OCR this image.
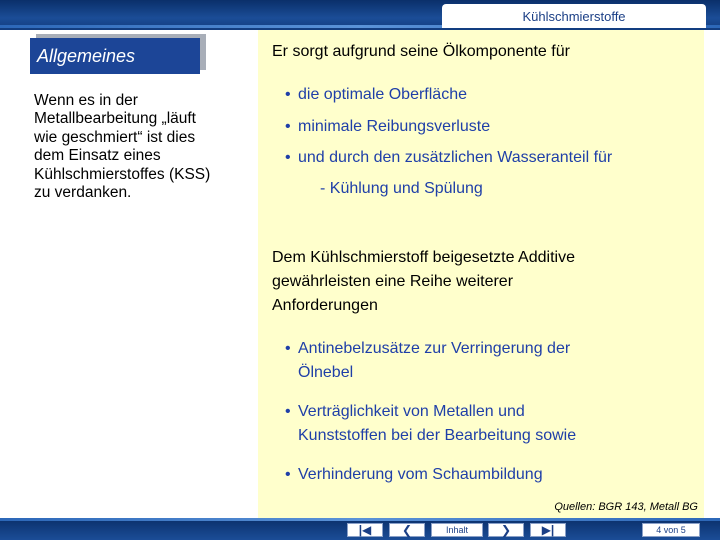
Kühlschmierstoffe
Allgemeines

Wenn es in der
Metallbearbeitung „läuft
wie geschmiert“ ist dies
dem Einsatz eines
Kühlschmierstoffes (KSS)
zu verdanken.

Er sorgt aufgrund seine Ölkomponente für

• die optimale Oberfläche
• minimale Reibungsverluste
• und durch den zusätzlichen Wasseranteil für

- Kühlung und Spülung

Dem Kühlschmierstoff beigesetzte Additive
gewährleisten eine Reihe weiterer
Anforderungen

• Antinebelzusätze zur Verringerung der
Ölnebel
• Verträglichkeit von Metallen und
Kunststoffen bei der Bearbeitung sowie
• Verhinderung vom Schaumbildung
Quellen: BGR 143, Metall BG
|◀	❮	Inhalt	❯	▶|	4 von 5
